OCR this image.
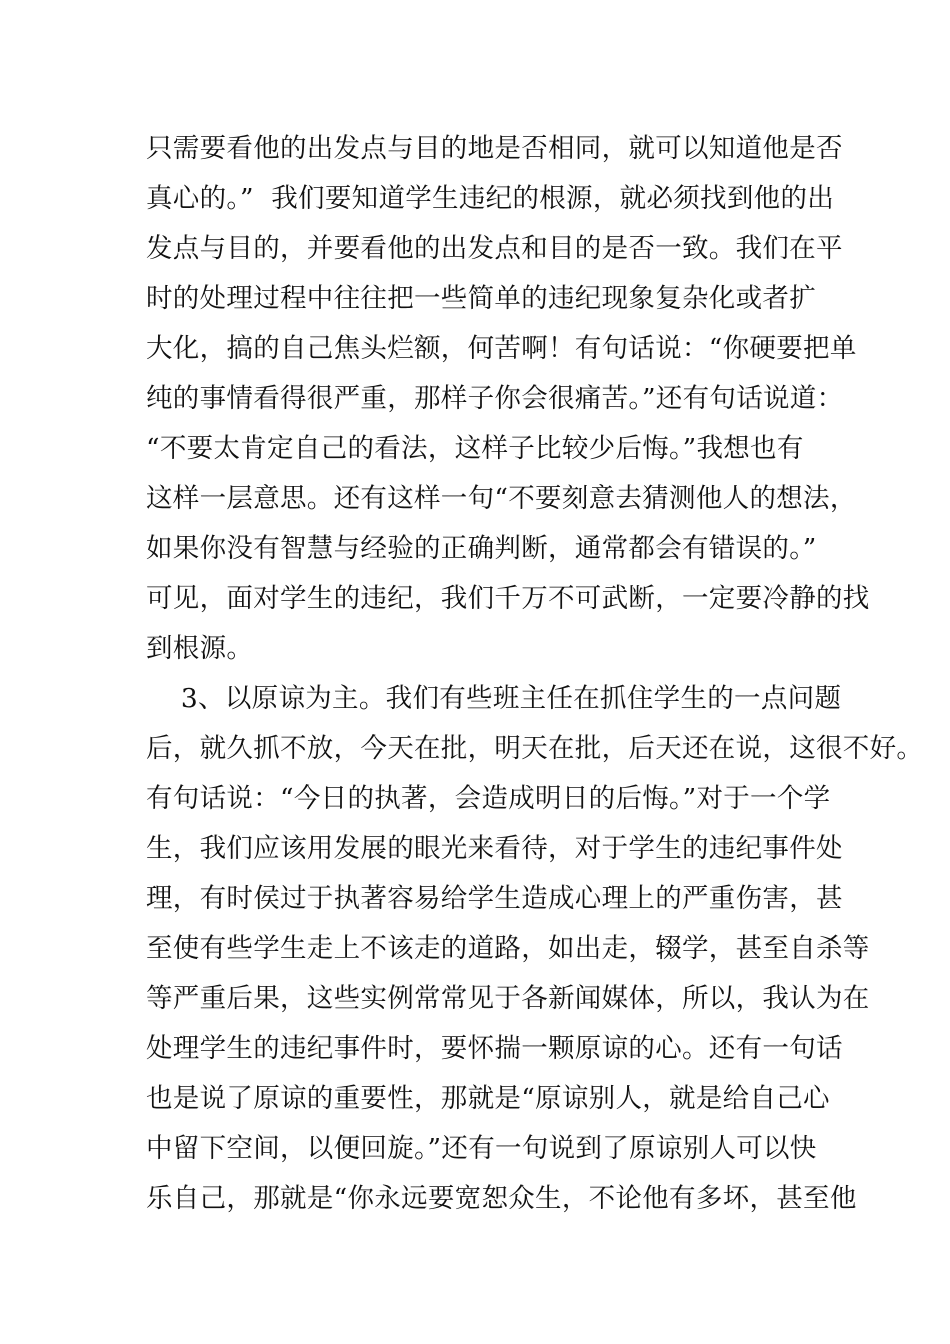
只需要看他的出发点与目的地是否相同，就可以知道他是否
真心的。”  我们要知道学生违纪的根源，就必须找到他的出
发点与目的，并要看他的出发点和目的是否一致。我们在平
时的处理过程中往往把一些简单的违纪现象复杂化或者扩
大化，搞的自己焦头烂额，何苦啊！有句话说：“你硬要把单
纯的事情看得很严重，那样子你会很痛苦。”还有句话说道：
“不要太肯定自己的看法，这样子比较少后悔。”我想也有
这样一层意思。还有这样一句“不要刻意去猜测他人的想法，
如果你没有智慧与经验的正确判断，通常都会有错误的。”
可见，面对学生的违纪，我们千万不可武断，一定要冷静的找
到根源。
3、以原谅为主。我们有些班主任在抓住学生的一点问题
后，就久抓不放，今天在批，明天在批，后天还在说，这很不好。
有句话说：“今日的执著，会造成明日的后悔。”对于一个学
生，我们应该用发展的眼光来看待，对于学生的违纪事件处
理，有时侯过于执著容易给学生造成心理上的严重伤害，甚
至使有些学生走上不该走的道路，如出走，辍学，甚至自杀等
等严重后果，这些实例常常见于各新闻媒体，所以，我认为在
处理学生的违纪事件时，要怀揣一颗原谅的心。还有一句话
也是说了原谅的重要性，那就是“原谅别人，就是给自己心
中留下空间，以便回旋。”还有一句说到了原谅别人可以快
乐自己，那就是“你永远要宽恕众生，不论他有多坏，甚至他
